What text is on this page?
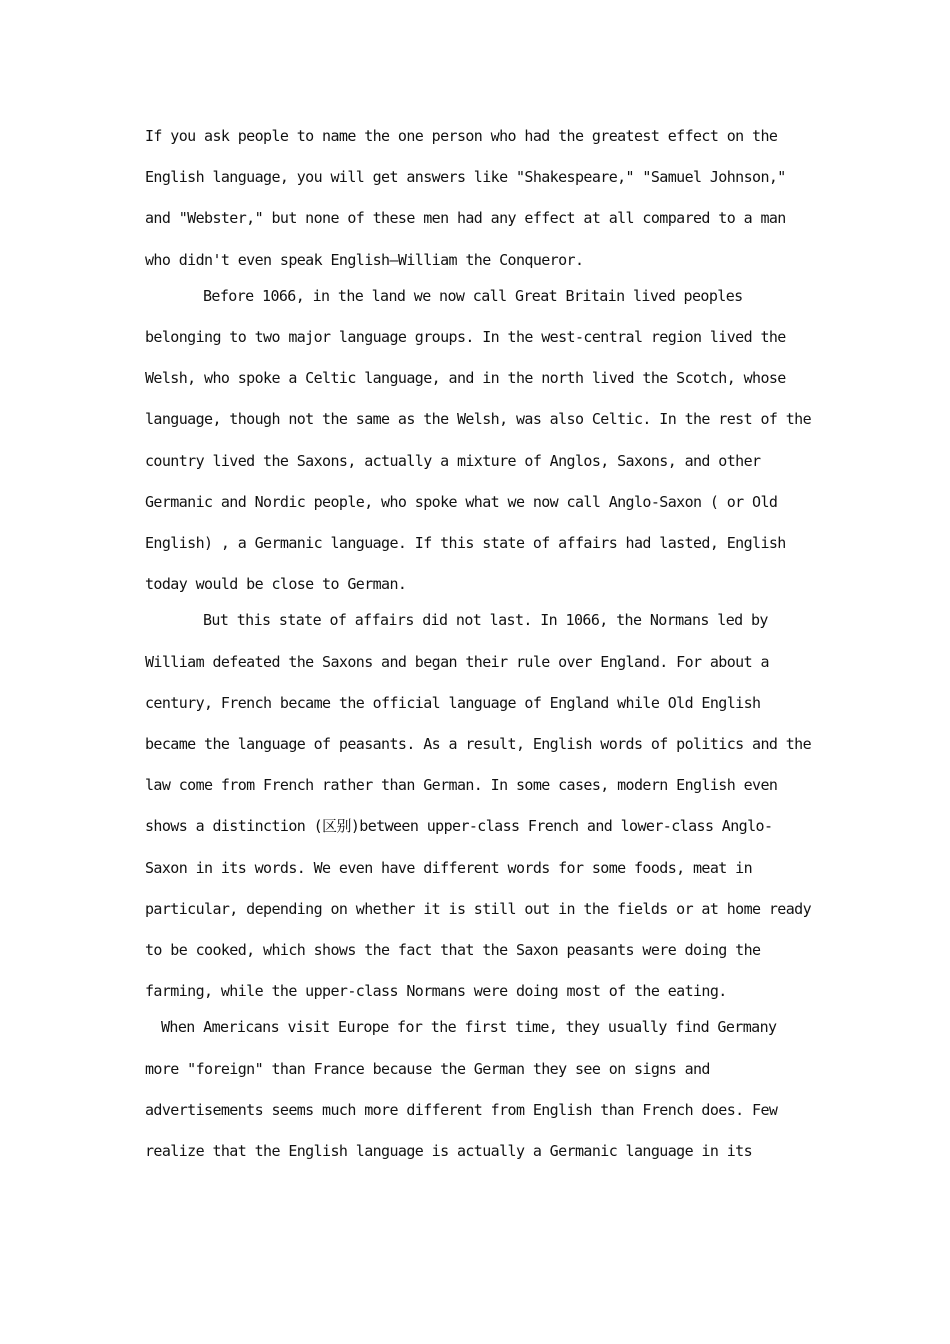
If you ask people to name the one person who had the greatest effect on the English language, you will get answers like "Shakespeare," "Samuel Johnson," and "Webster," but none of these men had any effect at all compared to a man who didn't even speak English—William the Conqueror.

Before 1066, in the land we now call Great Britain lived peoples belonging to two major language groups. In the west-central region lived the Welsh, who spoke a Celtic language, and in the north lived the Scotch, whose language, though not the same as the Welsh, was also Celtic. In the rest of the country lived the Saxons, actually a mixture of Anglos, Saxons, and other Germanic and Nordic people, who spoke what we now call Anglo-Saxon ( or Old English) , a Germanic language. If this state of affairs had lasted, English today would be close to German.

But this state of affairs did not last. In 1066, the Normans led by William defeated the Saxons and began their rule over England. For about a century, French became the official language of England while Old English became the language of peasants. As a result, English words of politics and the law come from French rather than German. In some cases, modern English even shows a distinction (区别)between upper-class French and lower-class Anglo-Saxon in its words. We even have different words for some foods, meat in particular, depending on whether it is still out in the fields or at home ready to be cooked, which shows the fact that the Saxon peasants were doing the farming, while the upper-class Normans were doing most of the eating.

When Americans visit Europe for the first time, they usually find Germany more "foreign" than France because the German they see on signs and advertisements seems much more different from English than French does. Few realize that the English language is actually a Germanic language in its
